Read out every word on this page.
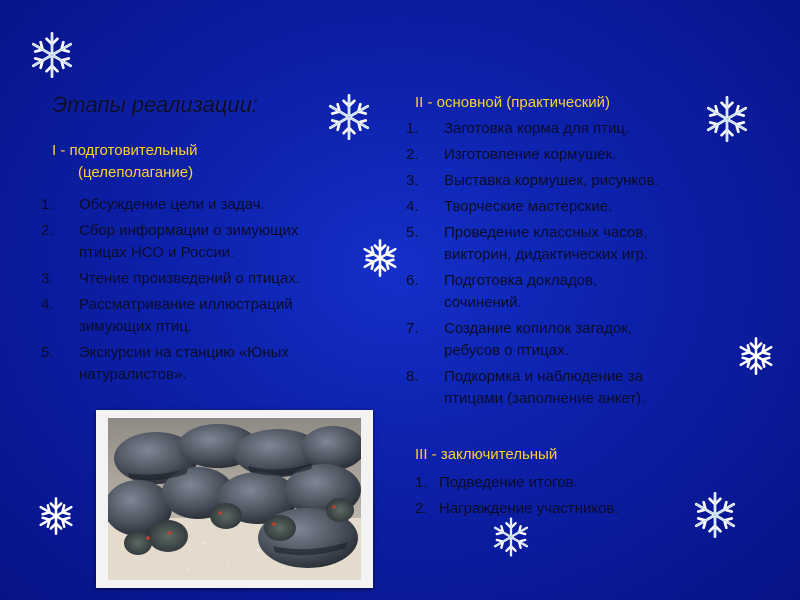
Этапы реализации:
I - подготовительный
(целеполагание)
1. Обсуждение цели и задач.
2. Сбор информации о зимующих
птицах НСО и России.
3. Чтение произведений о птицах.
4. Рассматривание иллюстраций
зимующих птиц.
5. Экскурсии на станцию «Юных
натуралистов».
II - основной (практический)
1. Заготовка корма для птиц.
2. Изготовление кормушек.
3. Выставка кормушек, рисунков.
4. Творческие мастерские.
5. Проведение классных часов,
викторин, дидактических игр.
6. Подготовка докладов,
сочинений.
7. Создание копилок загадок,
ребусов о птицах.
8. Подкормка и наблюдение за
птицами (заполнение анкет).
III - заключительный
1. Подведение итогов.
2. Награждение участников.
